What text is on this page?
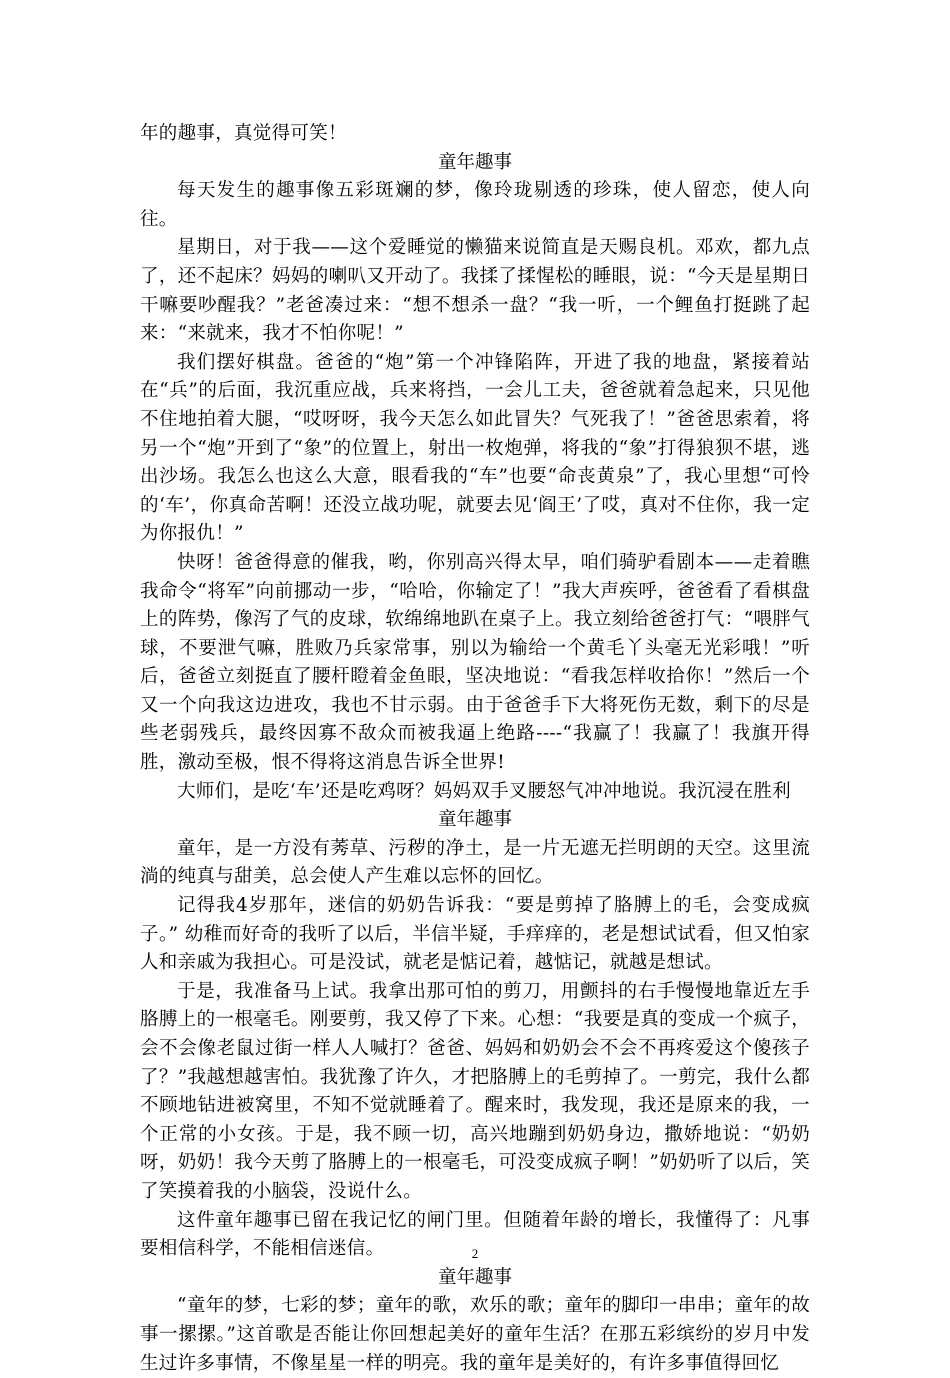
年的趣事，真觉得可笑！

童年趣事

每天发生的趣事像五彩斑斓的梦，像玲珑剔透的珍珠，使人留恋，使人向往。

星期日，对于我——这个爱睡觉的懒猫来说简直是天赐良机。邓欢，都九点了，还不起床？妈妈的喇叭又开动了。我揉了揉惺松的睡眼，说：“今天是星期日干嘛要吵醒我？”老爸凑过来：“想不想杀一盘？“我一听，一个鲤鱼打挺跳了起来：“来就来，我才不怕你呢！”

我们摆好棋盘。爸爸的“炮”第一个冲锋陷阵，开进了我的地盘，紧接着站在“兵”的后面，我沉重应战，兵来将挡，一会儿工夫，爸爸就着急起来，只见他不住地拍着大腿，“哎呀呀，我今天怎么如此冒失？气死我了！”爸爸思索着，将另一个“炮”开到了“象”的位置上，射出一枚炮弹，将我的“象”打得狼狈不堪，逃出沙场。我怎么也这么大意，眼看我的“车”也要“命丧黄泉”了，我心里想“可怜的‘车’，你真命苦啊！还没立战功呢，就要去见‘阎王’了哎，真对不住你，我一定为你报仇！”

快呀！爸爸得意的催我，哟，你别高兴得太早，咱们骑驴看剧本——走着瞧我命令“将军”向前挪动一步，“哈哈，你输定了！”我大声疾呼，爸爸看了看棋盘上的阵势，像泻了气的皮球，软绵绵地趴在桌子上。我立刻给爸爸打气：“喂胖气球，不要泄气嘛，胜败乃兵家常事，别以为输给一个黄毛丫头毫无光彩哦！”听后，爸爸立刻挺直了腰杆瞪着金鱼眼，坚决地说：“看我怎样收拾你！”然后一个又一个向我这边进攻，我也不甘示弱。由于爸爸手下大将死伤无数，剩下的尽是些老弱残兵，最终因寡不敌众而被我逼上绝路----“我赢了！我赢了！我旗开得胜，激动至极，恨不得将这消息告诉全世界!

大师们，是吃‘车’还是吃鸡呀？妈妈双手叉腰怒气冲冲地说。我沉浸在胜利

童年趣事

童年，是一方没有莠草、污秽的净土，是一片无遮无拦明朗的天空。这里流淌的纯真与甜美，总会使人产生难以忘怀的回忆。

记得我4岁那年，迷信的奶奶告诉我：“要是剪掉了胳膊上的毛，会变成疯子。” 幼稚而好奇的我听了以后，半信半疑，手痒痒的，老是想试试看，但又怕家人和亲戚为我担心。可是没试，就老是惦记着，越惦记，就越是想试。

于是，我准备马上试。我拿出那可怕的剪刀，用颤抖的右手慢慢地靠近左手胳膊上的一根毫毛。刚要剪，我又停了下来。心想：“我要是真的变成一个疯子，会不会像老鼠过街一样人人喊打？爸爸、妈妈和奶奶会不会不再疼爱这个傻孩子了？”我越想越害怕。我犹豫了许久，才把胳膊上的毛剪掉了。一剪完，我什么都不顾地钻进被窝里，不知不觉就睡着了。醒来时，我发现，我还是原来的我，一个正常的小女孩。于是，我不顾一切，高兴地蹦到奶奶身边，撒娇地说：“奶奶呀，奶奶！我今天剪了胳膊上的一根毫毛，可没变成疯子啊！”奶奶听了以后，笑了笑摸着我的小脑袋，没说什么。

这件童年趣事已留在我记忆的闸门里。但随着年龄的增长，我懂得了：凡事要相信科学，不能相信迷信。

童年趣事

“童年的梦，七彩的梦；童年的歌，欢乐的歌；童年的脚印一串串；童年的故事一摞摞。”这首歌是否能让你回想起美好的童年生活？在那五彩缤纷的岁月中发生过许多事情，不像星星一样的明亮。我的童年是美好的，有许多事值得回忆

2
